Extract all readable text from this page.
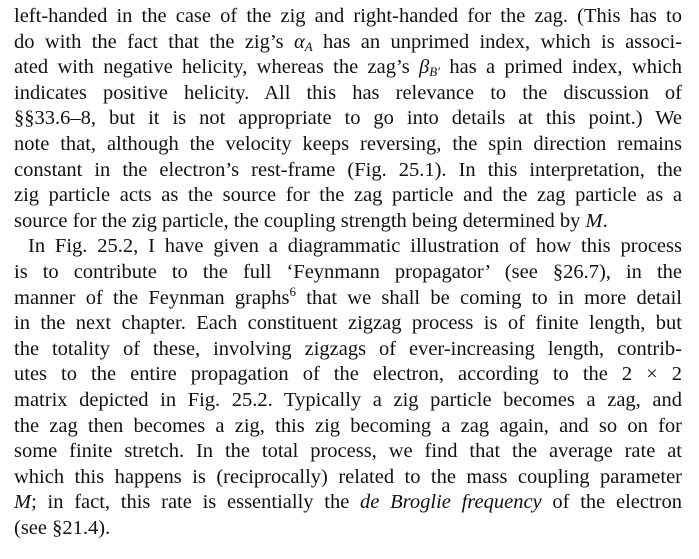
left-handed in the case of the zig and right-handed for the zag. (This has to
do with the fact that the zig’s $\alpha_A$ has an unprimed index, which is associ-
ated with negative helicity, whereas the zag’s $\beta_{B'}$ has a primed index, which
indicates positive helicity. All this has relevance to the discussion of
§§33.6–8, but it is not appropriate to go into details at this point.) We
note that, although the velocity keeps reversing, the spin direction remains
constant in the electron’s rest-frame (Fig. 25.1). In this interpretation, the
zig particle acts as the source for the zag particle and the zag particle as a
source for the zig particle, the coupling strength being determined by M.
In Fig. 25.2, I have given a diagrammatic illustration of how this process
is to contribute to the full ‘Feynmann propagator’ (see §26.7), in the
manner of the Feynman graphs$^6$ that we shall be coming to in more detail
in the next chapter. Each constituent zigzag process is of finite length, but
the totality of these, involving zigzags of ever-increasing length, contrib-
utes to the entire propagation of the electron, according to the 2 × 2
matrix depicted in Fig. 25.2. Typically a zig particle becomes a zag, and
the zag then becomes a zig, this zig becoming a zag again, and so on for
some finite stretch. In the total process, we find that the average rate at
which this happens is (reciprocally) related to the mass coupling parameter
M; in fact, this rate is essentially the de Broglie frequency of the electron
(see §21.4).
